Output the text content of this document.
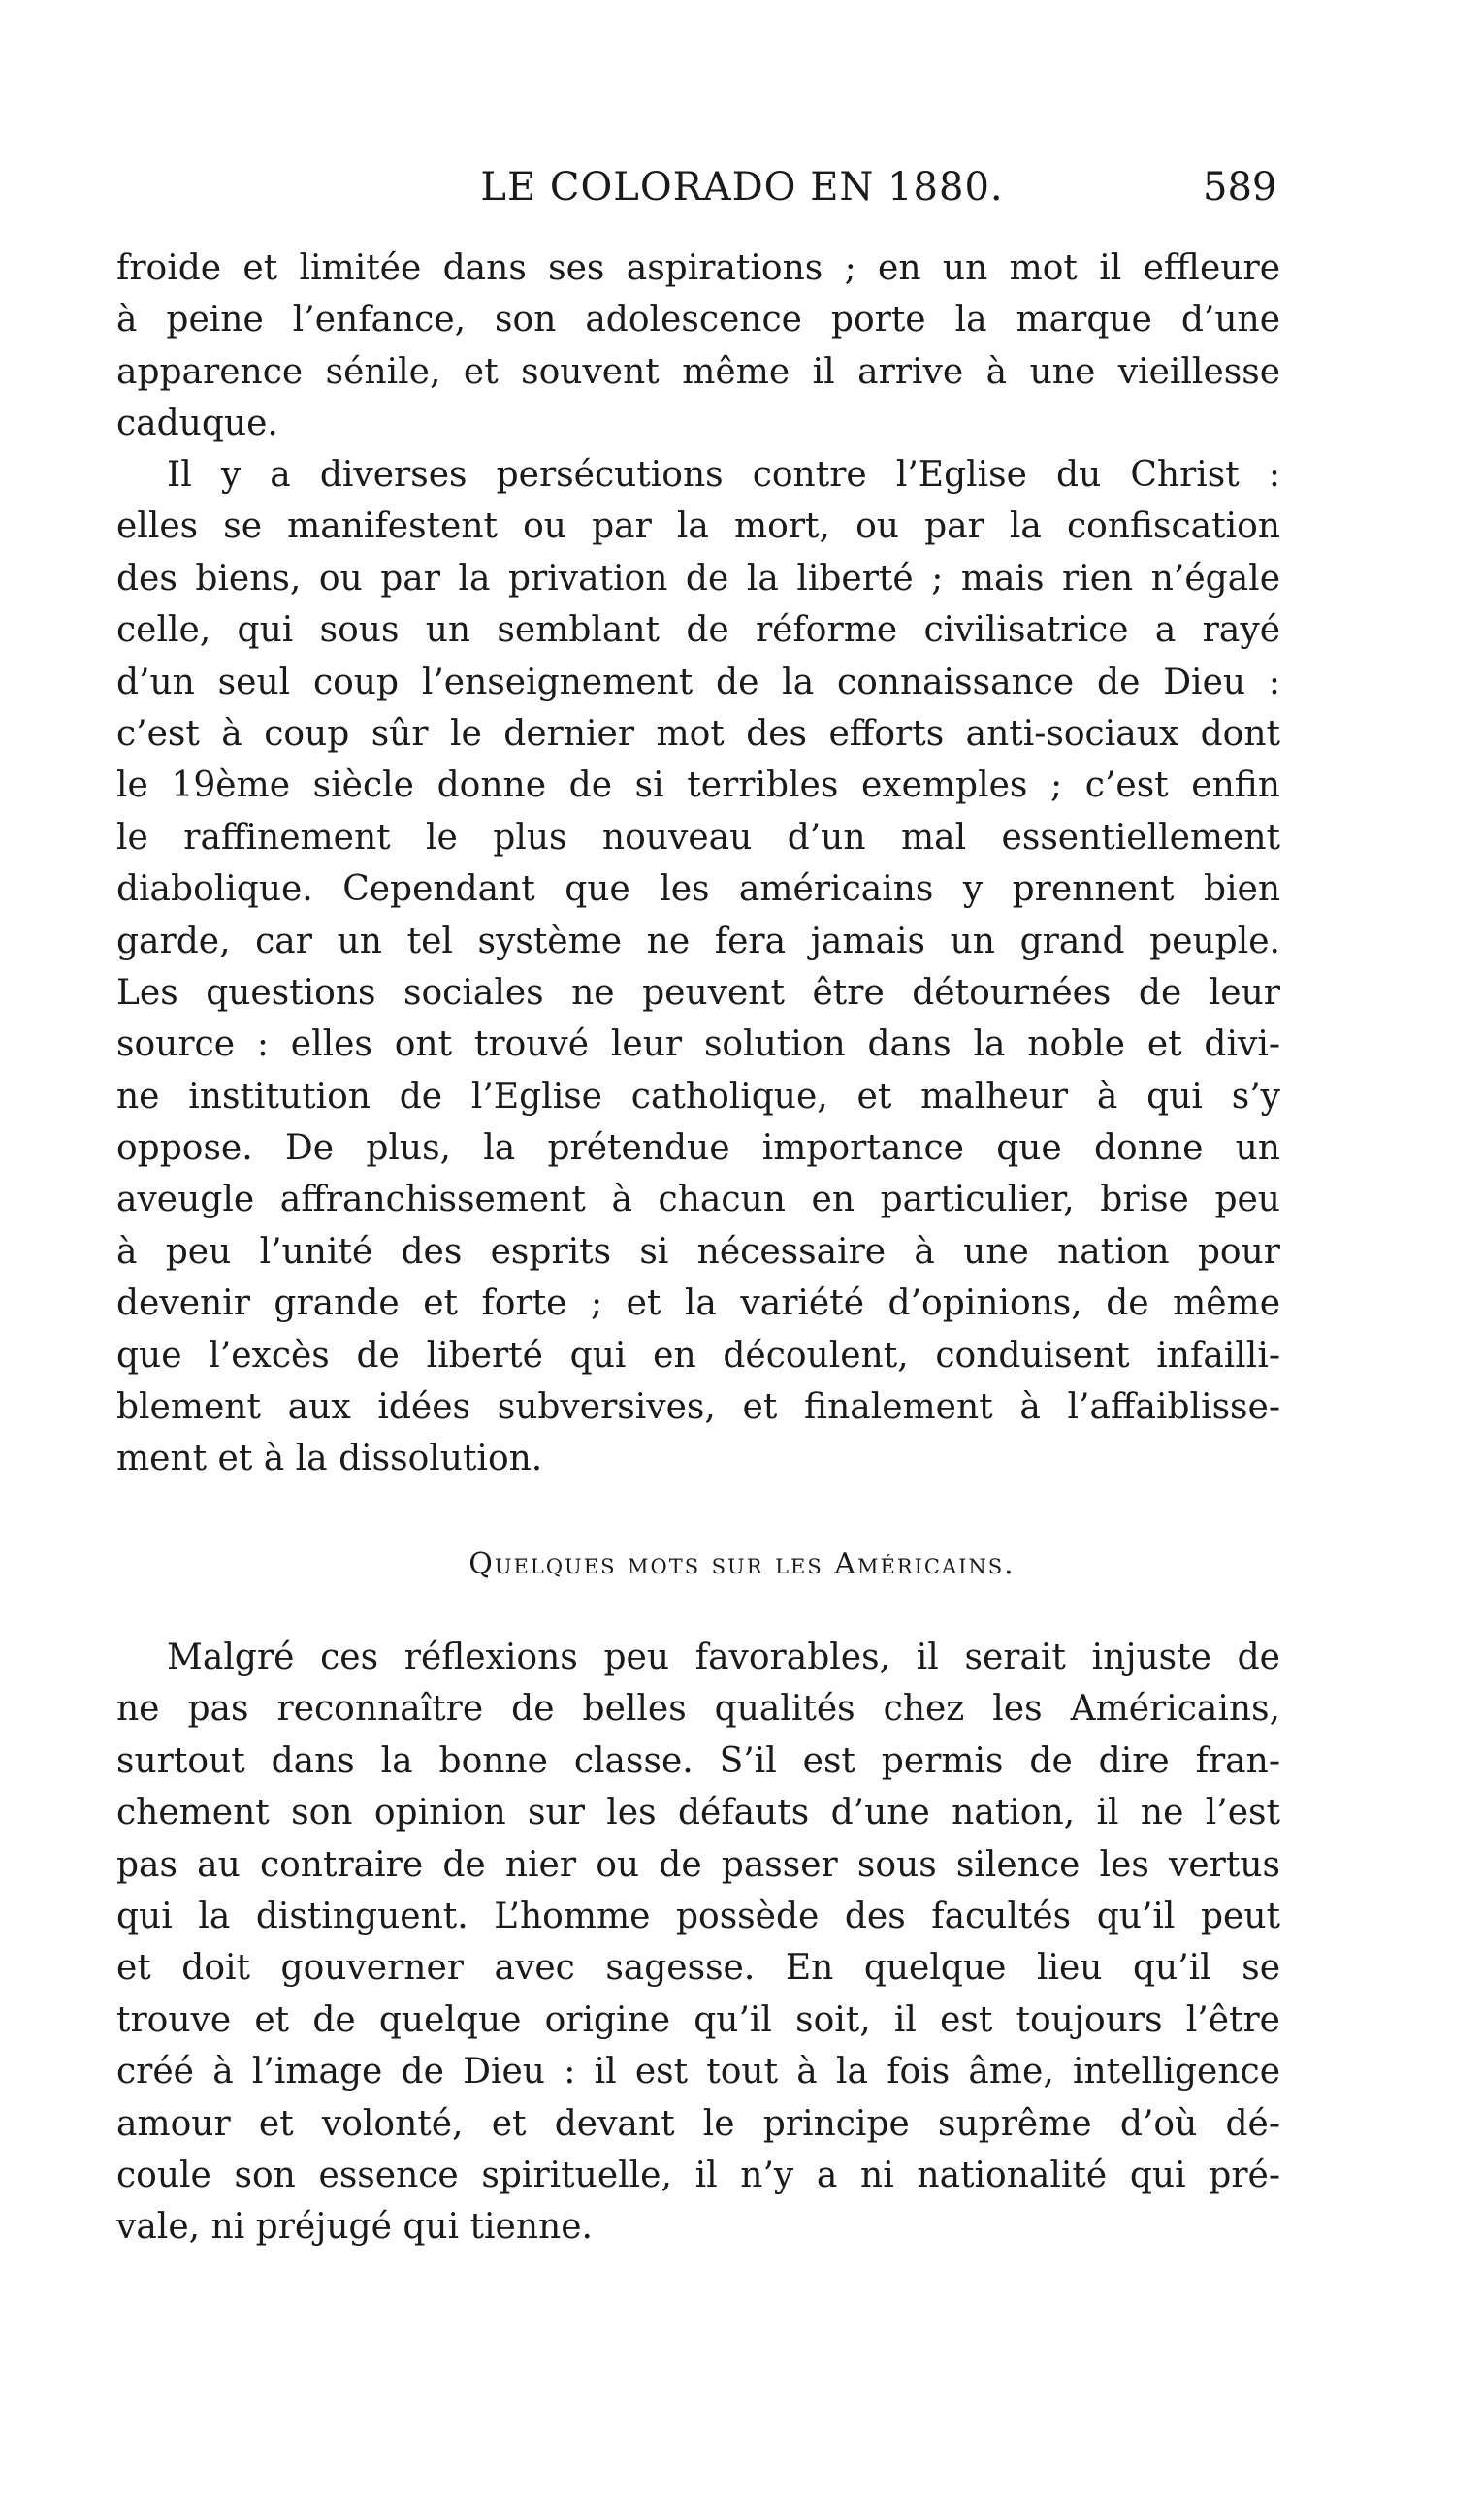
LE COLORADO EN 1880.	589
froide et limitée dans ses aspirations ; en un mot il effleure
à peine l’enfance, son adolescence porte la marque d’une
apparence sénile, et souvent même il arrive à une vieillesse
caduque.
Il y a diverses persécutions contre l’Eglise du Christ :
elles se manifestent ou par la mort, ou par la confiscation
des biens, ou par la privation de la liberté ; mais rien n’égale
celle, qui sous un semblant de réforme civilisatrice a rayé
d’un seul coup l’enseignement de la connaissance de Dieu :
c’est à coup sûr le dernier mot des efforts anti-sociaux dont
le 19ème siècle donne de si terribles exemples ; c’est enfin
le raffinement le plus nouveau d’un mal essentiellement
diabolique. Cependant que les américains y prennent bien
garde, car un tel système ne fera jamais un grand peuple.
Les questions sociales ne peuvent être détournées de leur
source : elles ont trouvé leur solution dans la noble et divi-
ne institution de l’Eglise catholique, et malheur à qui s’y
oppose. De plus, la prétendue importance que donne un
aveugle affranchissement à chacun en particulier, brise peu
à peu l’unité des esprits si nécessaire à une nation pour
devenir grande et forte ; et la variété d’opinions, de même
que l’excès de liberté qui en découlent, conduisent infailli-
blement aux idées subversives, et finalement à l’affaiblisse-
ment et à la dissolution.
Quelques mots sur les Américains.
Malgré ces réflexions peu favorables, il serait injuste de
ne pas reconnaître de belles qualités chez les Américains,
surtout dans la bonne classe. S’il est permis de dire fran-
chement son opinion sur les défauts d’une nation, il ne l’est
pas au contraire de nier ou de passer sous silence les vertus
qui la distinguent. L’homme possède des facultés qu’il peut
et doit gouverner avec sagesse. En quelque lieu qu’il se
trouve et de quelque origine qu’il soit, il est toujours l’être
créé à l’image de Dieu : il est tout à la fois âme, intelligence
amour et volonté, et devant le principe suprême d’où dé-
coule son essence spirituelle, il n’y a ni nationalité qui pré-
vale, ni préjugé qui tienne.
